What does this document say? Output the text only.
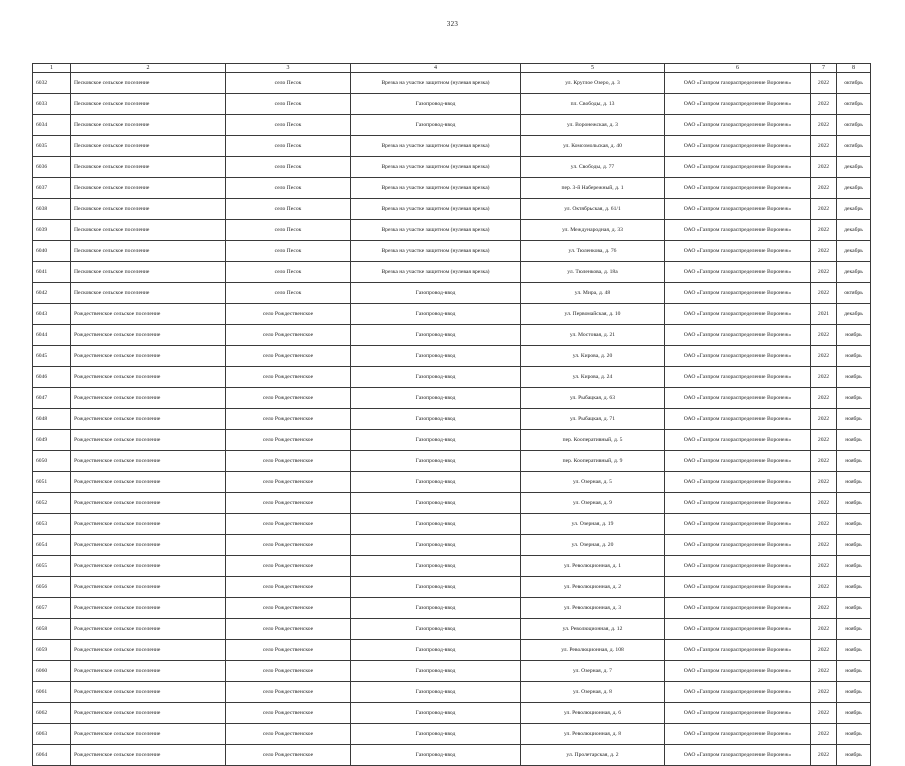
323
1	2	3	4	5	6	7	8
6032	Песковское сельское поселение	село Песок	Врезка на участке защитном (нулевая врезка)	ул. Круглое Озеро, д. 3	ОАО «Газпром газораспределение Воронеж»	2022	октябрь
6033	Песковское сельское поселение	село Песок	Газопровод-ввод	пл. Свободы, д. 13	ОАО «Газпром газораспределение Воронеж»	2022	октябрь
6034	Песковское сельское поселение	село Песок	Газопровод-ввод	ул. Воронежская, д. 3	ОАО «Газпром газораспределение Воронеж»	2022	октябрь
6035	Песковское сельское поселение	село Песок	Врезка на участке защитном (нулевая врезка)	ул. Комсомольская, д. 40	ОАО «Газпром газораспределение Воронеж»	2022	октябрь
6036	Песковское сельское поселение	село Песок	Врезка на участке защитном (нулевая врезка)	ул. Свободы, д. 77	ОАО «Газпром газораспределение Воронеж»	2022	декабрь
6037	Песковское сельское поселение	село Песок	Врезка на участке защитном (нулевая врезка)	пер. 3-й Набережный, д. 1	ОАО «Газпром газораспределение Воронеж»	2022	декабрь
6038	Песковское сельское поселение	село Песок	Врезка на участке защитном (нулевая врезка)	ул. Октябрьская, д. 61/1	ОАО «Газпром газораспределение Воронеж»	2022	декабрь
6039	Песковское сельское поселение	село Песок	Врезка на участке защитном (нулевая врезка)	ул. Международная, д. 33	ОАО «Газпром газораспределение Воронеж»	2022	декабрь
6040	Песковское сельское поселение	село Песок	Врезка на участке защитном (нулевая врезка)	ул. Тюленкова, д. 76	ОАО «Газпром газораспределение Воронеж»	2022	декабрь
6041	Песковское сельское поселение	село Песок	Врезка на участке защитном (нулевая врезка)	ул. Тюленкова, д. 18а	ОАО «Газпром газораспределение Воронеж»	2022	декабрь
6042	Песковское сельское поселение	село Песок	Газопровод-ввод	ул. Мира, д. 48	ОАО «Газпром газораспределение Воронеж»	2022	октябрь
6043	Рождественское сельское поселение	село Рождественское	Газопровод-ввод	ул. Первомайская, д. 10	ОАО «Газпром газораспределение Воронеж»	2021	декабрь
6044	Рождественское сельское поселение	село Рождественское	Газопровод-ввод	ул. Мостовая, д. 21	ОАО «Газпром газораспределение Воронеж»	2022	ноябрь
6045	Рождественское сельское поселение	село Рождественское	Газопровод-ввод	ул. Кирова, д. 20	ОАО «Газпром газораспределение Воронеж»	2022	ноябрь
6046	Рождественское сельское поселение	село Рождественское	Газопровод-ввод	ул. Кирова, д. 24	ОАО «Газпром газораспределение Воронеж»	2022	ноябрь
6047	Рождественское сельское поселение	село Рождественское	Газопровод-ввод	ул. Рыбацкая, д. 63	ОАО «Газпром газораспределение Воронеж»	2022	ноябрь
6048	Рождественское сельское поселение	село Рождественское	Газопровод-ввод	ул. Рыбацкая, д. 71	ОАО «Газпром газораспределение Воронеж»	2022	ноябрь
6049	Рождественское сельское поселение	село Рождественское	Газопровод-ввод	пер. Кооперативный, д. 5	ОАО «Газпром газораспределение Воронеж»	2022	ноябрь
6050	Рождественское сельское поселение	село Рождественское	Газопровод-ввод	пер. Кооперативный, д. 9	ОАО «Газпром газораспределение Воронеж»	2022	ноябрь
6051	Рождественское сельское поселение	село Рождественское	Газопровод-ввод	ул. Озерная, д. 5	ОАО «Газпром газораспределение Воронеж»	2022	ноябрь
6052	Рождественское сельское поселение	село Рождественское	Газопровод-ввод	ул. Озерная, д. 9	ОАО «Газпром газораспределение Воронеж»	2022	ноябрь
6053	Рождественское сельское поселение	село Рождественское	Газопровод-ввод	ул. Озерная, д. 19	ОАО «Газпром газораспределение Воронеж»	2022	ноябрь
6054	Рождественское сельское поселение	село Рождественское	Газопровод-ввод	ул. Озерная, д. 20	ОАО «Газпром газораспределение Воронеж»	2022	ноябрь
6055	Рождественское сельское поселение	село Рождественское	Газопровод-ввод	ул. Революционная, д. 1	ОАО «Газпром газораспределение Воронеж»	2022	ноябрь
6056	Рождественское сельское поселение	село Рождественское	Газопровод-ввод	ул. Революционная, д. 2	ОАО «Газпром газораспределение Воронеж»	2022	ноябрь
6057	Рождественское сельское поселение	село Рождественское	Газопровод-ввод	ул. Революционная, д. 3	ОАО «Газпром газораспределение Воронеж»	2022	ноябрь
6058	Рождественское сельское поселение	село Рождественское	Газопровод-ввод	ул. Революционная, д. 12	ОАО «Газпром газораспределение Воронеж»	2022	ноябрь
6059	Рождественское сельское поселение	село Рождественское	Газопровод-ввод	ул. Революционная, д. 108	ОАО «Газпром газораспределение Воронеж»	2022	ноябрь
6060	Рождественское сельское поселение	село Рождественское	Газопровод-ввод	ул. Озерная, д. 7	ОАО «Газпром газораспределение Воронеж»	2022	ноябрь
6061	Рождественское сельское поселение	село Рождественское	Газопровод-ввод	ул. Озерная, д. 8	ОАО «Газпром газораспределение Воронеж»	2022	ноябрь
6062	Рождественское сельское поселение	село Рождественское	Газопровод-ввод	ул. Революционная, д. 6	ОАО «Газпром газораспределение Воронеж»	2022	ноябрь
6063	Рождественское сельское поселение	село Рождественское	Газопровод-ввод	ул. Революционная, д. 8	ОАО «Газпром газораспределение Воронеж»	2022	ноябрь
6064	Рождественское сельское поселение	село Рождественское	Газопровод-ввод	ул. Пролетарская, д. 2	ОАО «Газпром газораспределение Воронеж»	2022	ноябрь
